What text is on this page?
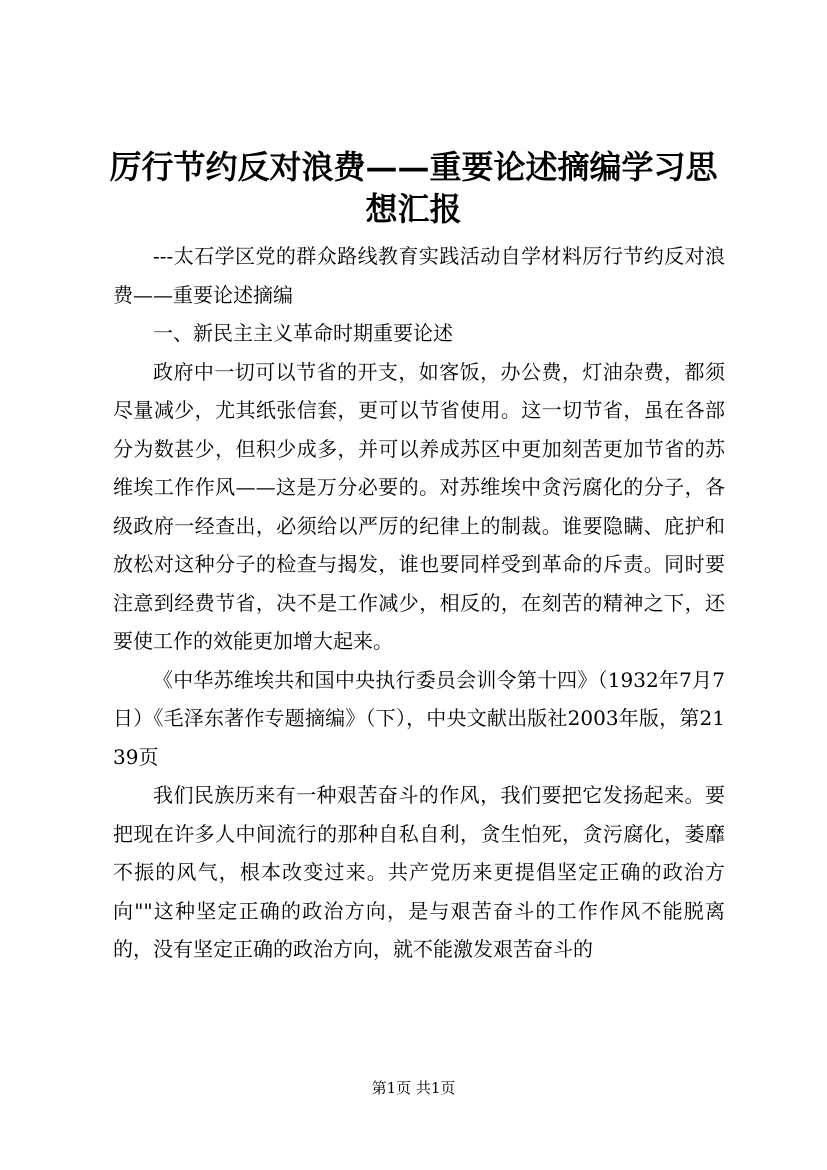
厉行节约反对浪费——重要论述摘编学习思想汇报

---太石学区党的群众路线教育实践活动自学材料厉行节约反对浪费——重要论述摘编

一、新民主主义革命时期重要论述

政府中一切可以节省的开支，如客饭，办公费，灯油杂费，都须尽量减少，尤其纸张信套，更可以节省使用。这一切节省，虽在各部分为数甚少，但积少成多，并可以养成苏区中更加刻苦更加节省的苏维埃工作作风——这是万分必要的。对苏维埃中贪污腐化的分子，各级政府一经查出，必须给以严厉的纪律上的制裁。谁要隐瞒、庇护和放松对这种分子的检查与揭发，谁也要同样受到革命的斥责。同时要注意到经费节省，决不是工作减少，相反的，在刻苦的精神之下，还要使工作的效能更加增大起来。

《中华苏维埃共和国中央执行委员会训令第十四》（1932年7月7日）《毛泽东著作专题摘编》（下），中央文献出版社2003年版，第2139页

我们民族历来有一种艰苦奋斗的作风，我们要把它发扬起来。要把现在许多人中间流行的那种自私自利，贪生怕死，贪污腐化，萎靡不振的风气，根本改变过来。共产党历来更提倡坚定正确的政治方向""这种坚定正确的政治方向，是与艰苦奋斗的工作作风不能脱离的，没有坚定正确的政治方向，就不能激发艰苦奋斗的

第1页 共1页
